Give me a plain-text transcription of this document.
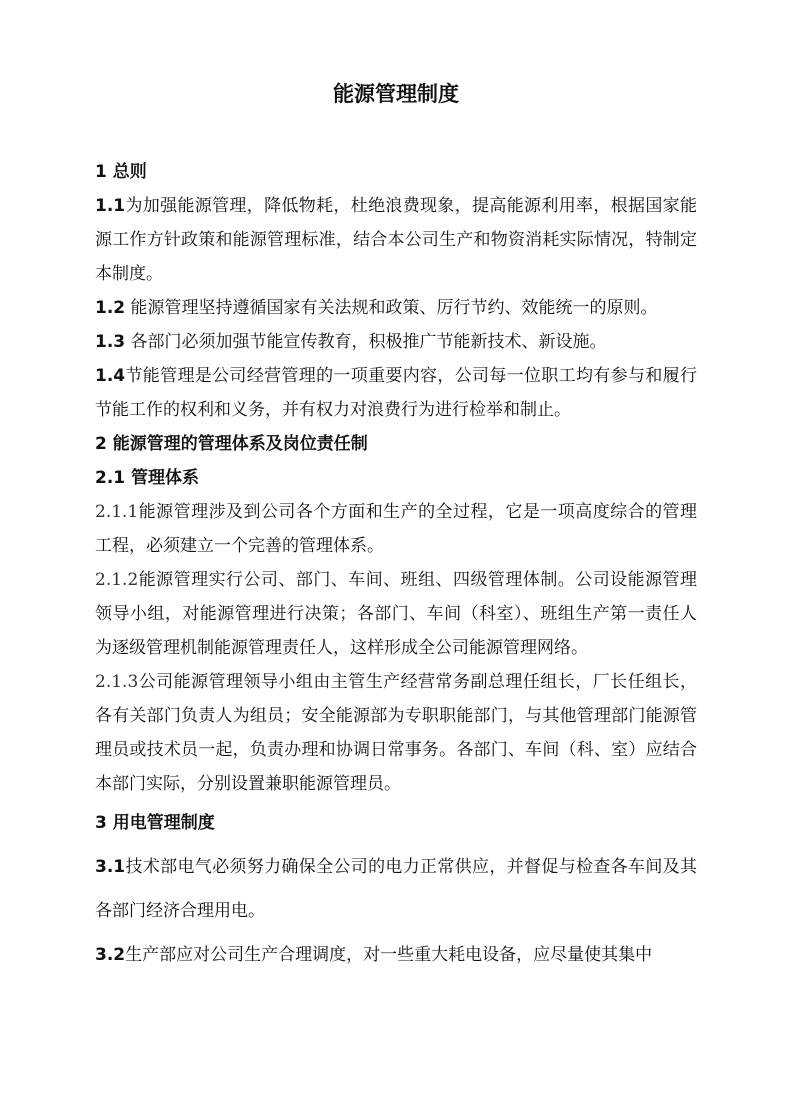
能源管理制度
1 总则
1.1为加强能源管理，降低物耗，杜绝浪费现象，提高能源利用率，根据国家能源工作方针政策和能源管理标准，结合本公司生产和物资消耗实际情况，特制定本制度。
1.2 能源管理坚持遵循国家有关法规和政策、厉行节约、效能统一的原则。
1.3 各部门必须加强节能宣传教育，积极推广节能新技术、新设施。
1.4节能管理是公司经营管理的一项重要内容，公司每一位职工均有参与和履行节能工作的权利和义务，并有权力对浪费行为进行检举和制止。
2 能源管理的管理体系及岗位责任制
2.1 管理体系
2.1.1能源管理涉及到公司各个方面和生产的全过程，它是一项高度综合的管理工程，必须建立一个完善的管理体系。
2.1.2能源管理实行公司、部门、车间、班组、四级管理体制。公司设能源管理领导小组，对能源管理进行决策；各部门、车间（科室）、班组生产第一责任人为逐级管理机制能源管理责任人，这样形成全公司能源管理网络。
2.1.3公司能源管理领导小组由主管生产经营常务副总理任组长，厂长任组长，各有关部门负责人为组员；安全能源部为专职职能部门，与其他管理部门能源管理员或技术员一起，负责办理和协调日常事务。各部门、车间（科、室）应结合本部门实际，分别设置兼职能源管理员。
3 用电管理制度
3.1技术部电气必须努力确保全公司的电力正常供应，并督促与检查各车间及其各部门经济合理用电。
3.2生产部应对公司生产合理调度，对一些重大耗电设备，应尽量使其集中
